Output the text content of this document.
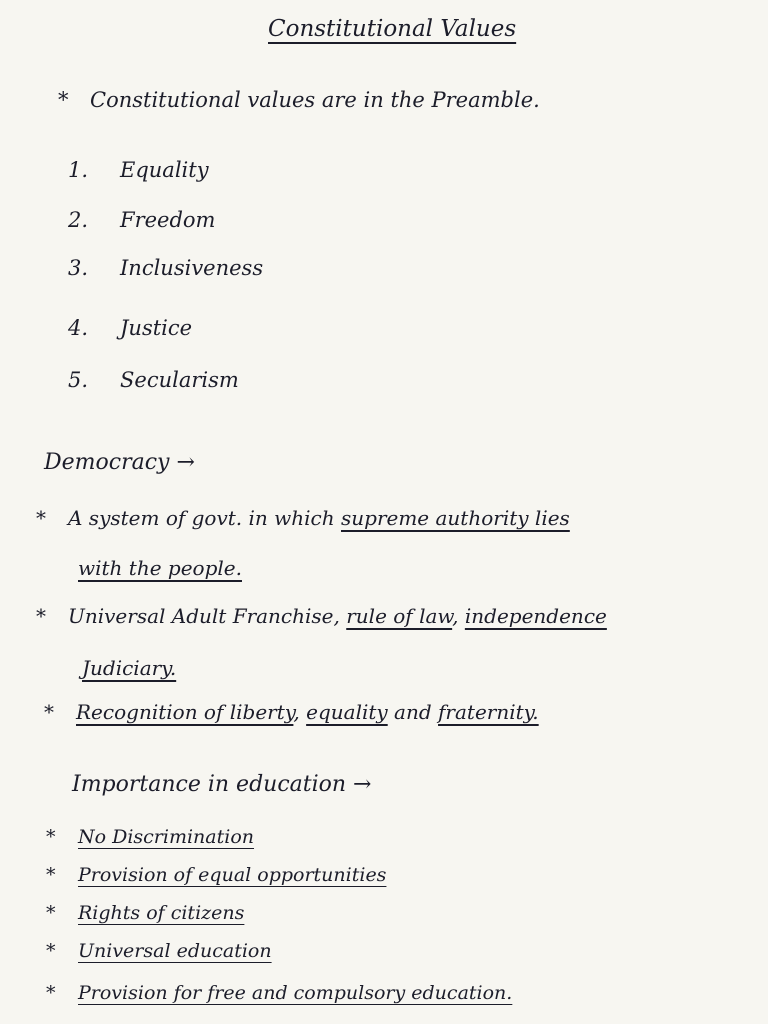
Constitutional Values
* Constitutional values are in the Preamble.
1. Equality
2. Freedom
3. Inclusiveness
4. Justice
5. Secularism
Democracy →
* A system of govt. in which supreme authority lies
with the people.
* Universal Adult Franchise, rule of law, independence
Judiciary.
* Recognition of liberty, equality and fraternity.
Importance in education →
* No Discrimination
* Provision of equal opportunities
* Rights of citizens
* Universal education
* Provision for free and compulsory education.
